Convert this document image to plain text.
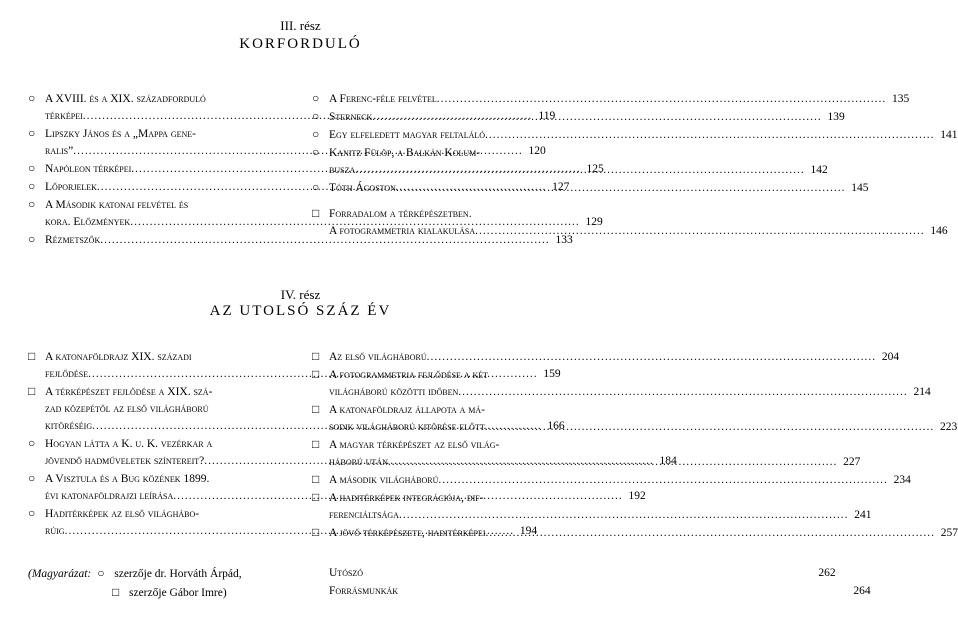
III. rész
KORFORDULÓ
○
A XVIII. és a XIX. századforduló
térképei .....	119
○
Lipszky János és a „Mappa gene-
ralis” .....	120
○
Napóleon térképei .....	125
○
Lőporjelek .....	127
○
A Második katonai felvétel és
kora. Előzmények .....	129
○
Rézmetszők .....	133
○
A Ferenc-féle felvétel .....	135
○
Sterneck .....	139
○
Egy elfeledett magyar feltaláló .....	141
○
Kanitz Fülöp, a Balkán Kolum-
busza .....	142
○
Tóth Ágoston .....	145
□
Forradalom a térképészetben.
A fotogrammetria kialakulása .....	146
IV. rész
AZ UTOLSÓ SZÁZ ÉV
□
A katonaföldrajz XIX. századi
fejlődése .....	159
□
A térképészet fejlődése a XIX. szá-
zad közepétől az első világháború
kitöréséig .....	166
○
Hogyan látta a K. u. K. vezérkar a
jövendő hadműveletek színtereit? .....	184
○
A Visztula és a Bug közének 1899.
évi katonaföldrajzi leírása .....	192
○
Haditérképek az első világhábo-
rúig .....	194
□
Az első világháború .....	204
□
A fotogrammetria fejlődése a két
világháború közötti időben .....	214
□
A katonaföldrajz állapota a má-
sodik világháború kitörése előtt .....	223
□
A magyar térképészet az első világ-
háború után .....	227
□
A második világháború .....	234
□
A haditérképek integrációja, dif-
ferenciáltsága .....	241
□
A jövő térképészete, haditérképei .....	257
(Magyarázat: ○ szerzője dr. Horváth Árpád,
□
szerzője Gábor Imre)
Utószó	262
Forrásmunkák	264
